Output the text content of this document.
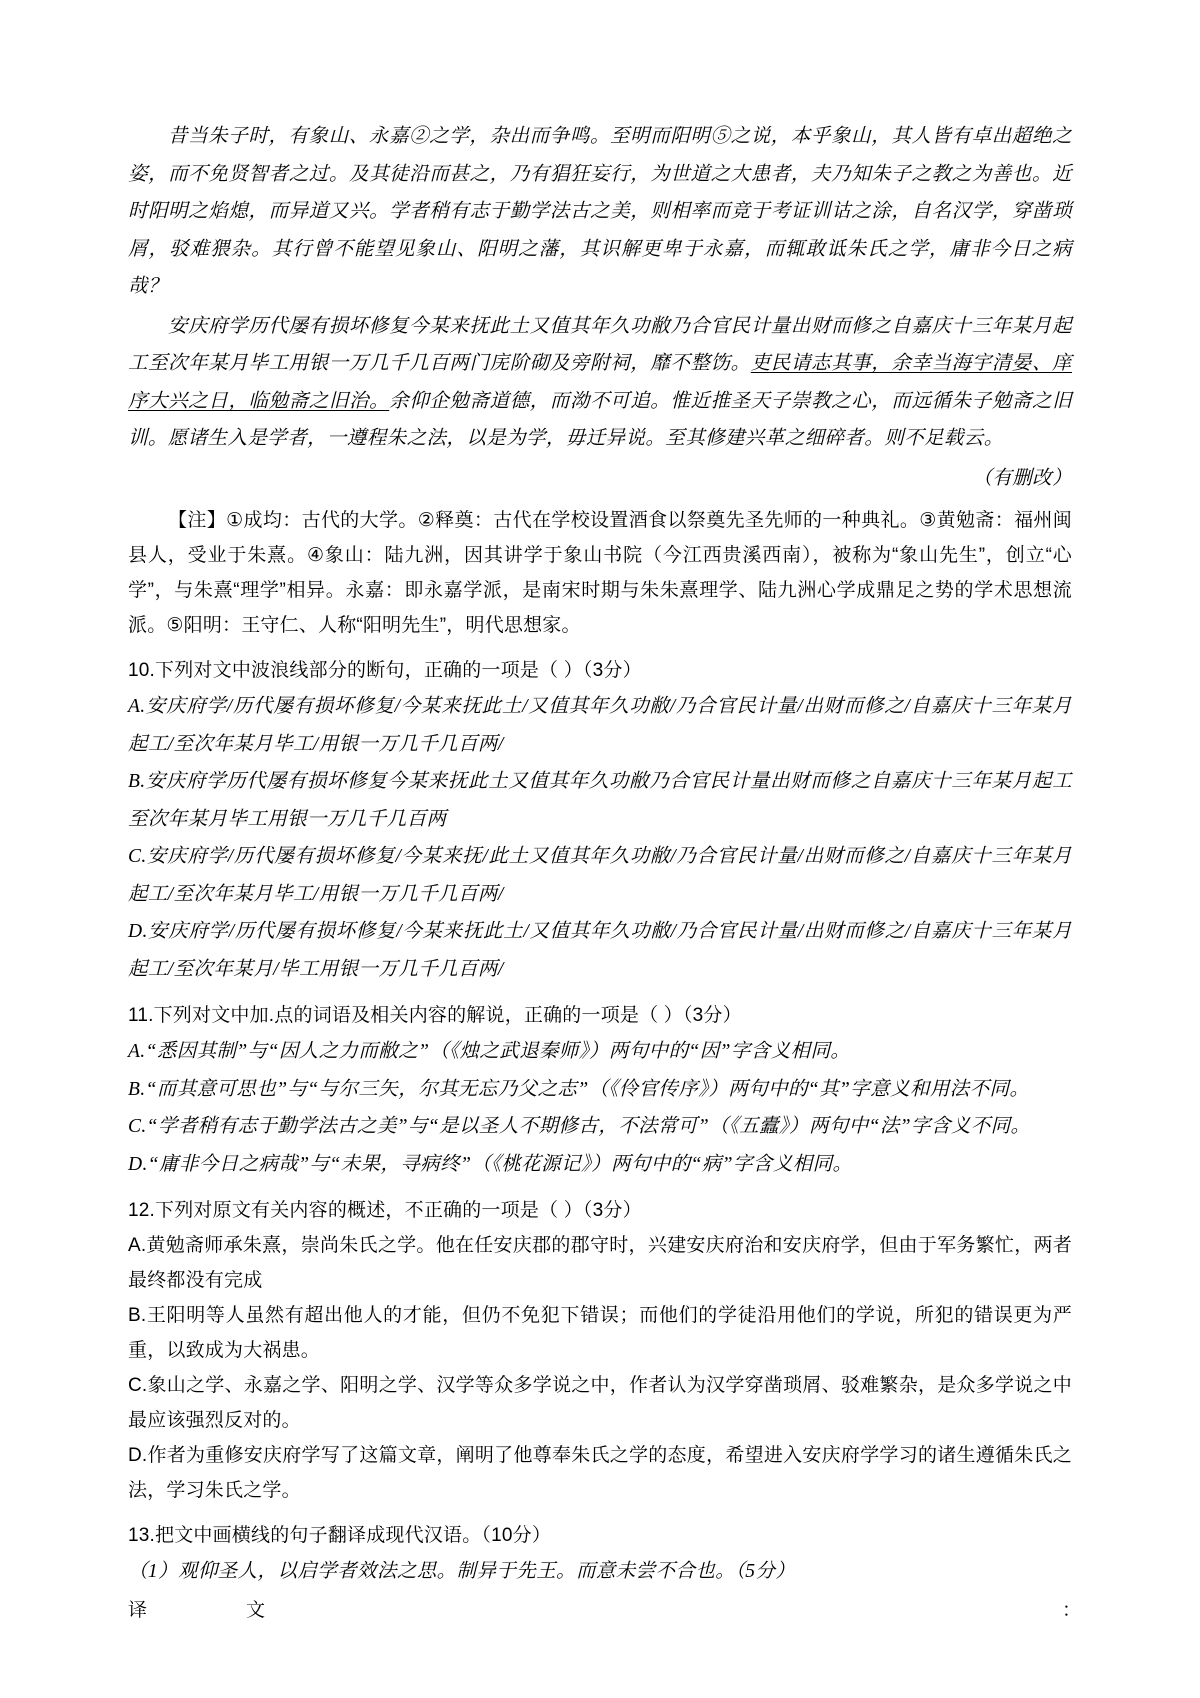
昔当朱子时，有象山、永嘉②之学，杂出而争鸣。至明而阳明⑤之说，本乎象山，其人皆有卓出超绝之姿，而不免贤智者之过。及其徒沿而甚之，乃有猖狂妄行，为世道之大患者，夫乃知朱子之教之为善也。近时阳明之焰熄，而异道又兴。学者稍有志于勤学法古之美，则相率而竞于考证训诂之涂，自名汉学，穿凿琐屑，驳难猥杂。其行曾不能望见象山、阳明之藩，其识解更卑于永嘉，而辄敢诋朱氏之学，庸非今日之病哉？
安庆府学历代屡有损坏修复今某来抚此土又值其年久功敝乃合官民计量出财而修之自嘉庆十三年某月起工至次年某月毕工用银一万几千几百两门庑阶砌及旁附祠，靡不整饬。吏民请志其事，余幸当海宇清晏、庠序大兴之日，临勉斋之旧治。余仰企勉斋道德，而泑不可追。惟近推圣天子崇教之心，而远循朱子勉斋之旧训。愿诸生入是学者，一遵程朱之法，以是为学，毋迁异说。至其修建兴革之细碎者。则不足载云。
（有删改）
【注】①成均：古代的大学。②释奠：古代在学校设置酒食以祭奠先圣先师的一种典礼。③黄勉斋：福州闽县人，受业于朱熹。④象山：陆九洲，因其讲学于象山书院（今江西贵溪西南），被称为“象山先生”，创立“心学”，与朱熹“理学”相异。永嘉：即永嘉学派，是南宋时期与朱朱熹理学、陆九洲心学成鼎足之势的学术思想流派。⑤阳明：王守仁、人称“阳明先生”，明代思想家。
10.下列对文中波浪线部分的断句，正确的一项是（ ）（3分）
A.安庆府学/历代屡有损坏修复/今某来抚此土/又值其年久功敝/乃合官民计量/出财而修之/自嘉庆十三年某月起工/至次年某月毕工/用银一万几千几百两/
B.安庆府学历代屡有损坏修复今某来抚此土又值其年久功敝乃合官民计量出财而修之自嘉庆十三年某月起工至次年某月毕工用银一万几千几百两
C.安庆府学/历代屡有损坏修复/今某来抚/此土又值其年久功敝/乃合官民计量/出财而修之/自嘉庆十三年某月起工/至次年某月毕工/用银一万几千几百两/
D.安庆府学/历代屡有损坏修复/今某来抚此土/又值其年久功敝/乃合官民计量/出财而修之/自嘉庆十三年某月起工/至次年某月/毕工用银一万几千几百两/
11.下列对文中加.点的词语及相关内容的解说，正确的一项是（ ）（3分）
A.“悉因其制”与“因人之力而敝之”（《烛之武退秦师》）两句中的“因”字含义相同。
B.“而其意可思也”与“与尔三矢，尔其无忘乃父之志”（《伶官传序》）两句中的“其”字意义和用法不同。
C.“学者稍有志于勤学法古之美”与“是以圣人不期修古，不法常可”（《五蠹》）两句中“法”字含义不同。
D.“庸非今日之病哉”与“未果，寻病终”（《桃花源记》）两句中的“病”字含义相同。
12.下列对原文有关内容的概述，不正确的一项是（ ）（3分）
A.黄勉斋师承朱熹，崇尚朱氏之学。他在任安庆郡的郡守时，兴建安庆府治和安庆府学，但由于军务繁忙，两者最终都没有完成
B.王阳明等人虽然有超出他人的才能，但仍不免犯下错误；而他们的学徒沿用他们的学说，所犯的错误更为严重，以致成为大祸患。
C.象山之学、永嘉之学、阳明之学、汉学等众多学说之中，作者认为汉学穿凿琐屑、驳难繁杂，是众多学说之中最应该强烈反对的。
D.作者为重修安庆府学写了这篇文章，阐明了他尊奉朱氏之学的态度，希望进入安庆府学学习的诸生遵循朱氏之法，学习朱氏之学。
13.把文中画横线的句子翻译成现代汉语。（10分）
（1）观仰圣人，以启学者效法之思。制异于先王。而意未尝不合也。（5分）
译	文	：
